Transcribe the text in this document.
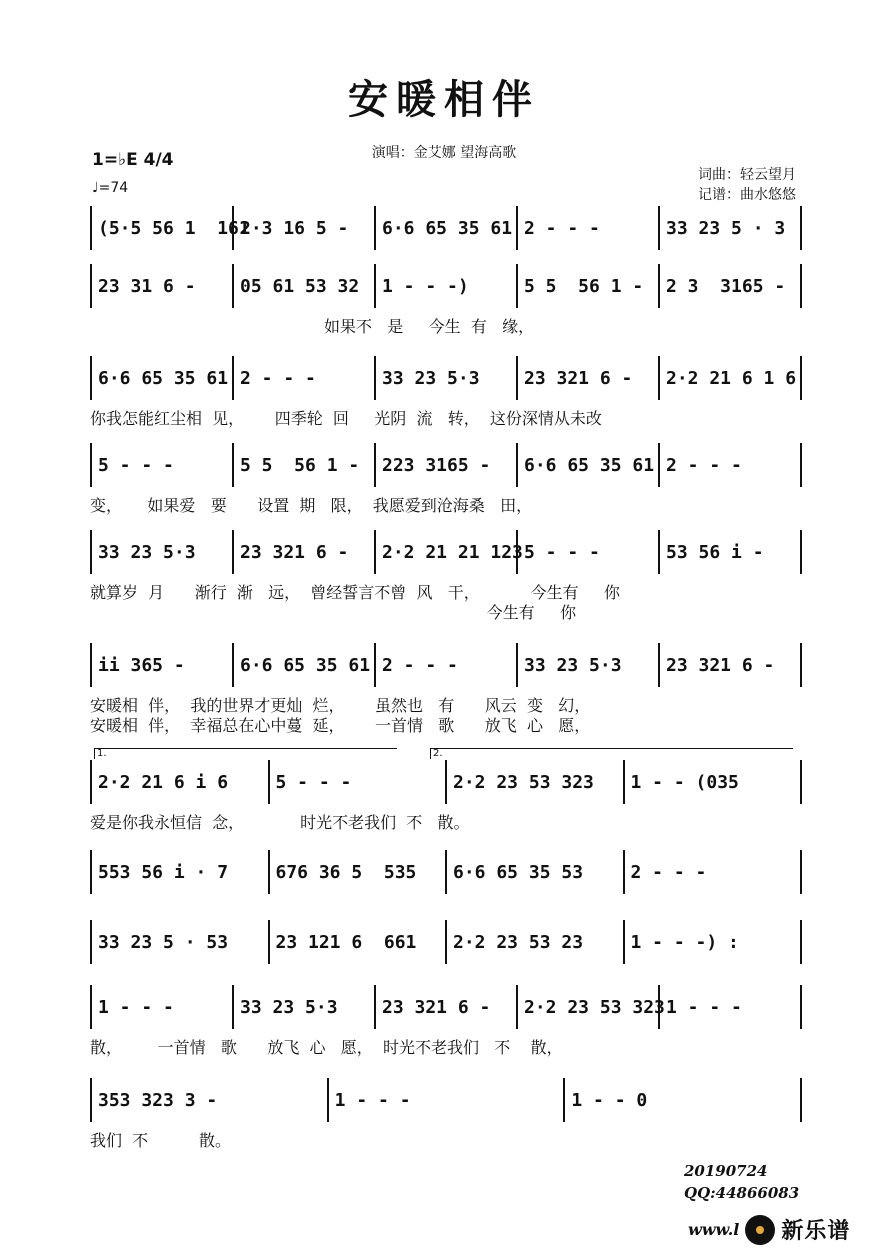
安暖相伴
演唱：金艾娜 望海高歌
词曲：轻云望月
记谱：曲水悠悠
1=♭E 4/4
♩=74
(5·5 56 1  161
2·3 16 5 -	6·6 65 35 61 2 - - -	33 23 5 · 3
23 31 6 -	05 61 53 32	1 - - -)	5 5  56 1 -	2 3  3165 -
如果不   是     今生  有   缘，
6·6 65 35 61 2 - - -	33 23 5·3	23 321 6 -	2·2 21 6 1 6
你我怎能红尘相  见，      四季轮  回     光阴  流   转，  这份深情从未改
5 - - -	5 5  56 1 -	223 3165 -	6·6 65 35 61 2 - - -
变，     如果爱   要      设置  期   限，  我愿爱到沧海桑   田，
33 23 5·3	23 321 6 -	2·2 21 21 123 5 - - -	53 56 i -
就算岁  月      渐行  渐   远，  曾经誓言不曾  风   干，          今生有     你
今生有     你
ii 365 -	6·6 65 35 61 2 - - -	33 23 5·3	23 321 6 -
安暖相  伴，  我的世界才更灿  烂，      虽然也   有      风云  变   幻，
安暖相  伴，  幸福总在心中蔓  延，      一首情   歌      放飞  心   愿，
2·2 21 6 i 6	5 - - -	2·2 23 53 323	1 - - (035
1.	2.
爱是你我永恒信  念，           时光不老我们  不   散。
553 56 i · 7	676 36 5  535	6·6 65 35 53	2 - - -
33 23 5 · 53	23 121 6  661	2·2 23 53 23	1 - - -) :
1 - - -	33 23 5·3	23 321 6 -	2·2 23 53 323 1 - - -
散，       一首情   歌      放飞  心   愿，  时光不老我们   不    散，
353 323 3 -	1 - - -	1 - - 0
我们  不          散。
20190724
QQ:44866083
www.l 新乐谱
